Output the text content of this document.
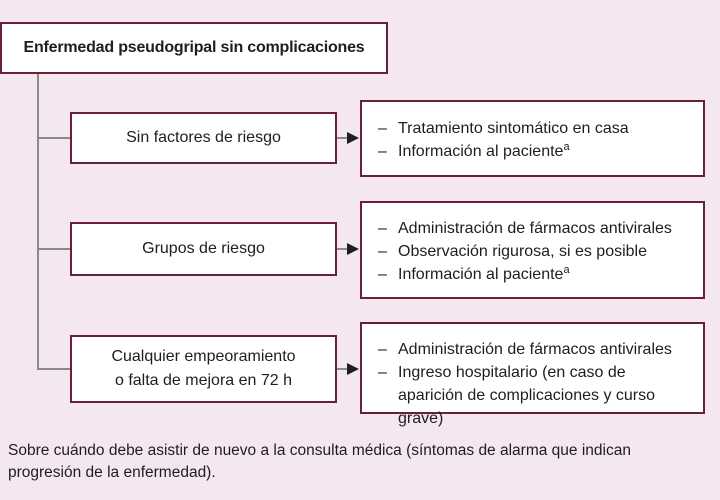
Enfermedad pseudogripal sin complicaciones
Sin factores de riesgo
– Tratamiento sintomático en casa
– Información al paciente$^a$
Grupos de riesgo
– Administración de fármacos antivirales
– Observación rigurosa, si es posible
– Información al paciente$^a$
Cualquier empeoramiento
o falta de mejora en 72 h
– Administración de fármacos antivirales
– Ingreso hospitalario (en caso de aparición de complicaciones y curso grave)
Sobre cuándo debe asistir de nuevo a la consulta médica (síntomas de alarma que indican
progresión de la enfermedad).
